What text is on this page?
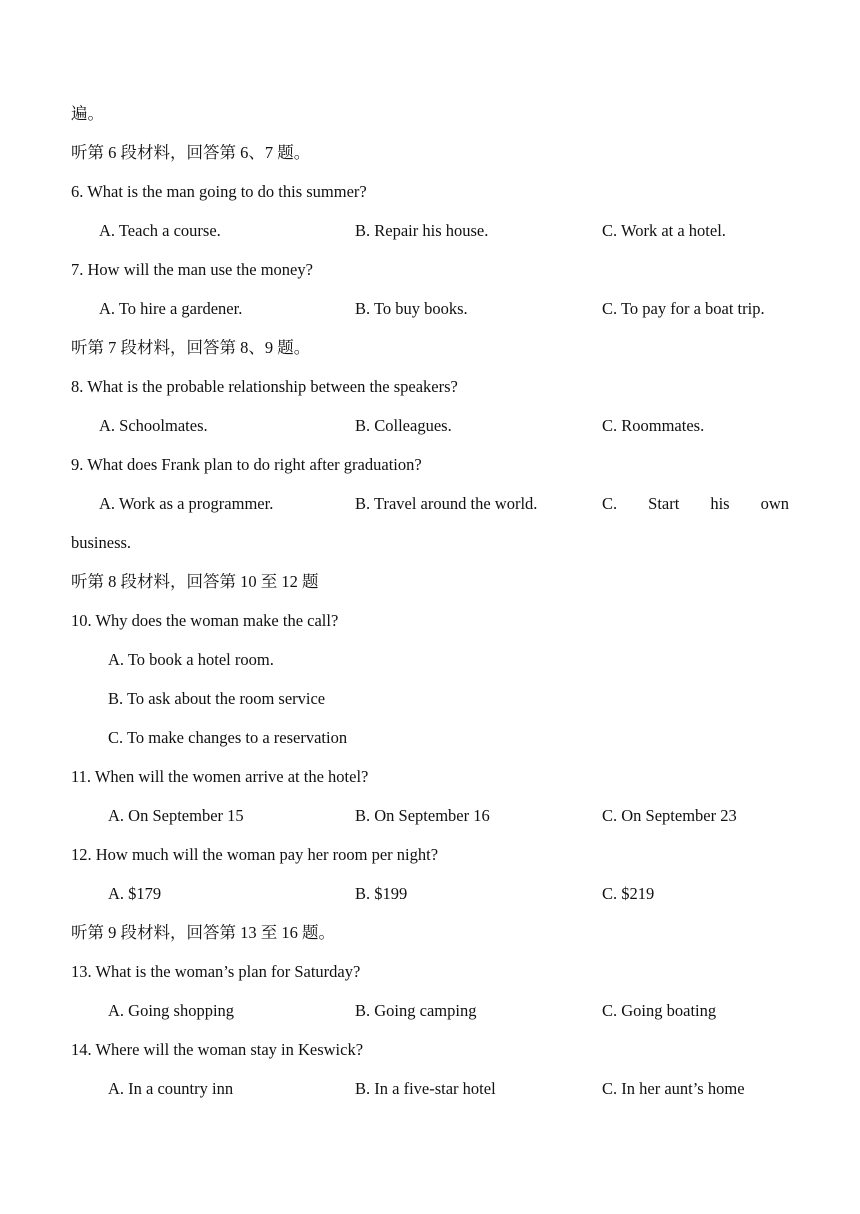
遍。
听第 6 段材料，回答第 6、7 题。
6. What is the man going to do this summer?
A. Teach a course.	B. Repair his house.	C. Work at a hotel.
7. How will the man use the money?
A. To hire a gardener.	B. To buy books.	C. To pay for a boat trip.
听第 7 段材料，回答第 8、9 题。
8. What is the probable relationship between the speakers?
A. Schoolmates.	B. Colleagues.	C. Roommates.
9. What does Frank plan to do right after graduation?
A. Work as a programmer.	B. Travel around the world.	C. Start his own
business.
听第 8 段材料，回答第 10 至 12 题
10. Why does the woman make the call?
A. To book a hotel room.
B. To ask about the room service
C. To make changes to a reservation
11. When will the women arrive at the hotel?
A. On September 15	B. On September 16	C. On September 23
12. How much will the woman pay her room per night?
A. $179	B. $199	C. $219
听第 9 段材料，回答第 13 至 16 题。
13. What is the woman’s plan for Saturday?
A. Going shopping	B. Going camping	C. Going boating
14. Where will the woman stay in Keswick?
A. In a country inn	B. In a five-star hotel	C. In her aunt’s home
